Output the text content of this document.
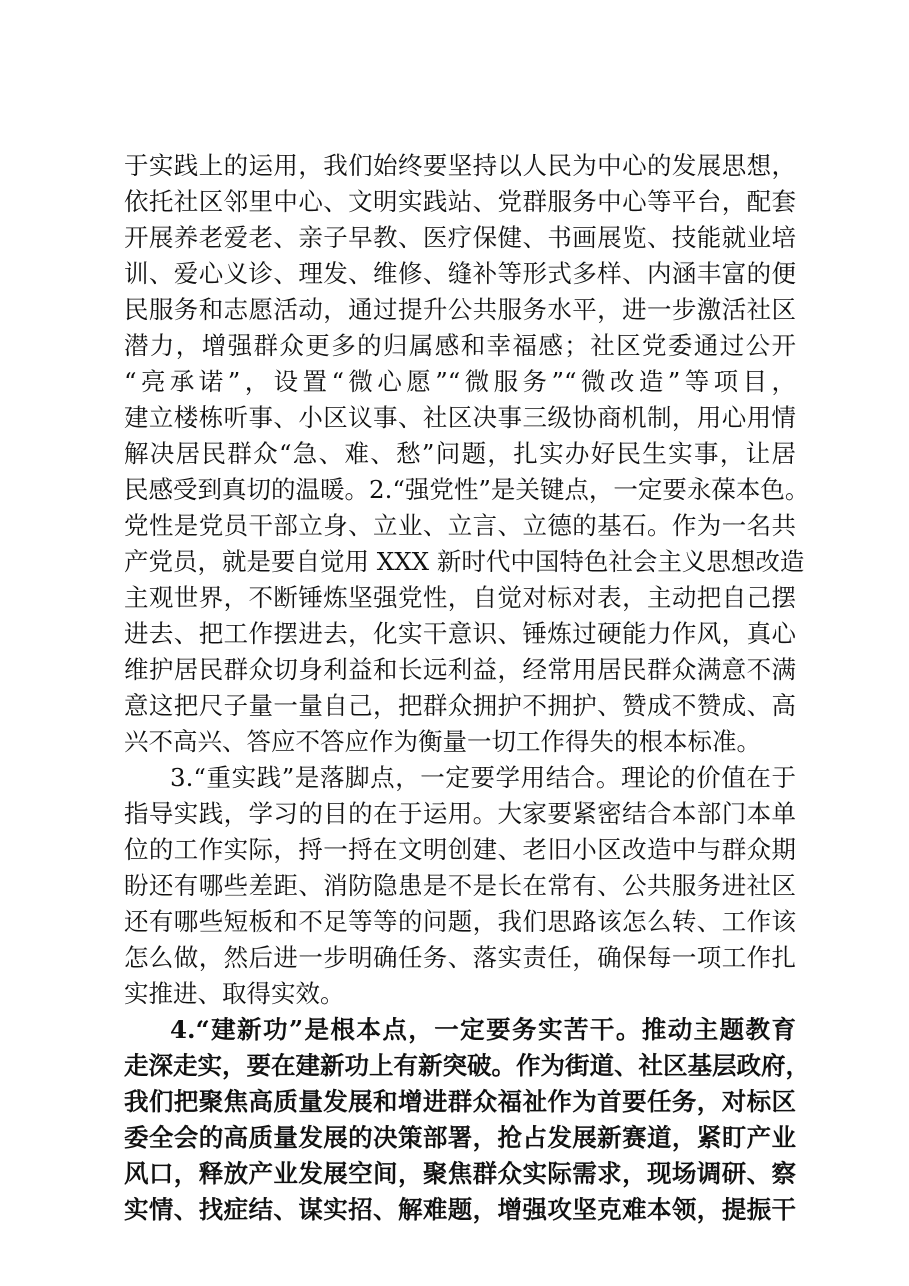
于实践上的运用，我们始终要坚持以人民为中心的发展思想，
依托社区邻里中心、文明实践站、党群服务中心等平台，配套
开展养老爱老、亲子早教、医疗保健、书画展览、技能就业培
训、爱心义诊、理发、维修、缝补等形式多样、内涵丰富的便
民服务和志愿活动，通过提升公共服务水平，进一步激活社区
潜力，增强群众更多的归属感和幸福感；社区党委通过公开
“亮承诺”，设置“微心愿”“微服务”“微改造”等项目，
建立楼栋听事、小区议事、社区决事三级协商机制，用心用情
解决居民群众“急、难、愁”问题，扎实办好民生实事，让居
民感受到真切的温暖。2.“强党性”是关键点，一定要永葆本色。
党性是党员干部立身、立业、立言、立德的基石。作为一名共
产党员，就是要自觉用 XXX 新时代中国特色社会主义思想改造
主观世界，不断锤炼坚强党性，自觉对标对表，主动把自己摆
进去、把工作摆进去，化实干意识、锤炼过硬能力作风，真心
维护居民群众切身利益和长远利益，经常用居民群众满意不满
意这把尺子量一量自己，把群众拥护不拥护、赞成不赞成、高
兴不高兴、答应不答应作为衡量一切工作得失的根本标准。
3.“重实践”是落脚点，一定要学用结合。理论的价值在于
指导实践，学习的目的在于运用。大家要紧密结合本部门本单
位的工作实际，捋一捋在文明创建、老旧小区改造中与群众期
盼还有哪些差距、消防隐患是不是长在常有、公共服务进社区
还有哪些短板和不足等等的问题，我们思路该怎么转、工作该
怎么做，然后进一步明确任务、落实责任，确保每一项工作扎
实推进、取得实效。
4.“建新功”是根本点，一定要务实苦干。推动主题教育
走深走实，要在建新功上有新突破。作为街道、社区基层政府，
我们把聚焦高质量发展和增进群众福祉作为首要任务，对标区
委全会的高质量发展的决策部署，抢占发展新赛道，紧盯产业
风口，释放产业发展空间，聚焦群众实际需求，现场调研、察
实情、找症结、谋实招、解难题，增强攻坚克难本领，提振干
